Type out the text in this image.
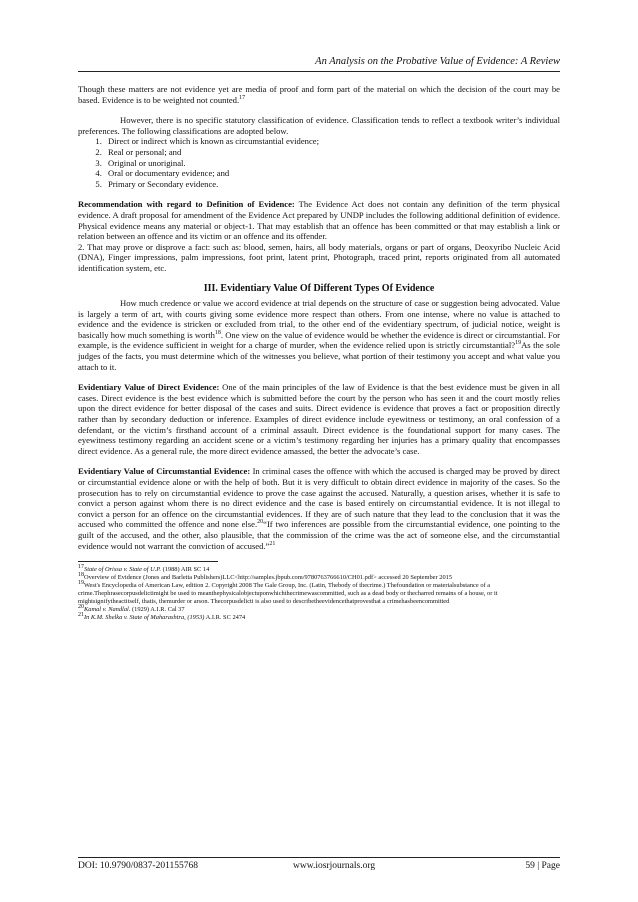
An Analysis on the Probative Value of Evidence: A Review

Though these matters are not evidence yet are media of proof and form part of the material on which the decision of the court may be based. Evidence is to be weighted not counted.$^{17}$

However, there is no specific statutory classification of evidence. Classification tends to reflect a textbook writer’s individual preferences. The following classifications are adopted below.

1. Direct or indirect which is known as circumstantial evidence;
2. Real or personal; and
3. Original or unoriginal.
4. Oral or documentary evidence; and
5. Primary or Secondary evidence.

Recommendation with regard to Definition of Evidence: The Evidence Act does not contain any definition of the term physical evidence. A draft proposal for amendment of the Evidence Act prepared by UNDP includes the following additional definition of evidence. Physical evidence means any material or object-1. That may establish that an offence has been committed or that may establish a link or relation between an offence and its victim or an offence and its offender.

2. That may prove or disprove a fact: such as: blood, semen, hairs, all body materials, organs or part of organs, Deoxyribo Nucleic Acid (DNA), Finger impressions, palm impressions, foot print, latent print, Photograph, traced print, reports originated from all automated identification system, etc.

III. Evidentiary Value Of Different Types Of Evidence

How much credence or value we accord evidence at trial depends on the structure of case or suggestion being advocated. Value is largely a term of art, with courts giving some evidence more respect than others. From one intense, where no value is attached to evidence and the evidence is stricken or excluded from trial, to the other end of the evidentiary spectrum, of judicial notice, weight is basically how much something is worth$^{18}$. One view on the value of evidence would be whether the evidence is direct or circumstantial. For example, is the evidence sufficient in weight for a charge of murder, when the evidence relied upon is strictly circumstantial?$^{19}$As the sole judges of the facts, you must determine which of the witnesses you believe, what portion of their testimony you accept and what value you attach to it.

Evidentiary Value of Direct Evidence: One of the main principles of the law of Evidence is that the best evidence must be given in all cases. Direct evidence is the best evidence which is submitted before the court by the person who has seen it and the court mostly relies upon the direct evidence for better disposal of the cases and suits. Direct evidence is evidence that proves a fact or proposition directly rather than by secondary deduction or inference. Examples of direct evidence include eyewitness or testimony, an oral confession of a defendant, or the victim’s firsthand account of a criminal assault. Direct evidence is the foundational support for many cases. The eyewitness testimony regarding an accident scene or a victim’s testimony regarding her injuries has a primary quality that encompasses direct evidence. As a general rule, the more direct evidence amassed, the better the advocate’s case.

Evidentiary Value of Circumstantial Evidence: In criminal cases the offence with which the accused is charged may be proved by direct or circumstantial evidence alone or with the help of both. But it is very difficult to obtain direct evidence in majority of the cases. So the prosecution has to rely on circumstantial evidence to prove the case against the accused. Naturally, a question arises, whether it is safe to convict a person against whom there is no direct evidence and the case is based entirely on circumstantial evidence. It is not illegal to convict a person for an offence on the circumstantial evidences. If they are of such nature that they lead to the conclusion that it was the accused who committed the offence and none else.$^{20}$“If two inferences are possible from the circumstantial evidence, one pointing to the guilt of the accused, and the other, also plausible, that the commission of the crime was the act of someone else, and the circumstantial evidence would not warrant the conviction of accused.”$^{21}$

$^{17}$State of Orissa v. State of U.P. (1988) AIR SC 14
$^{18}$Overview of Evidence (Jones and Barletta Publishers)LLC<http://samples.jbpub.com/9780763766610/CH01.pdf> accessed 20 September 2015
$^{19}$West's Encyclopedia of American Law, edition 2. Copyright 2008 The Gale Group, Inc. (Latin, Thebody of thecrime.) Thefoundation or materialsubstance of a crime.Thephrasecorpusdelictimight be used to meanthephysicalobjectuponwhichthecrimewascommitted, such as a dead body or thecharred remains of a house, or it mightsignifytheactitself, thatis, themurder or arson. Thecorpusdelicti is also used to describetheevidencethatprovesthat a crimehasbeencommitted
$^{20}$Kamal v. Nandlal. (1929) A.I.R. Cal 37
$^{21}$In K.M. Shelka v. State of Maharashtra, (1953) A.I.R. SC 2474
DOI: 10.9790/0837-201155768	www.iosrjournals.org	59 | Page
